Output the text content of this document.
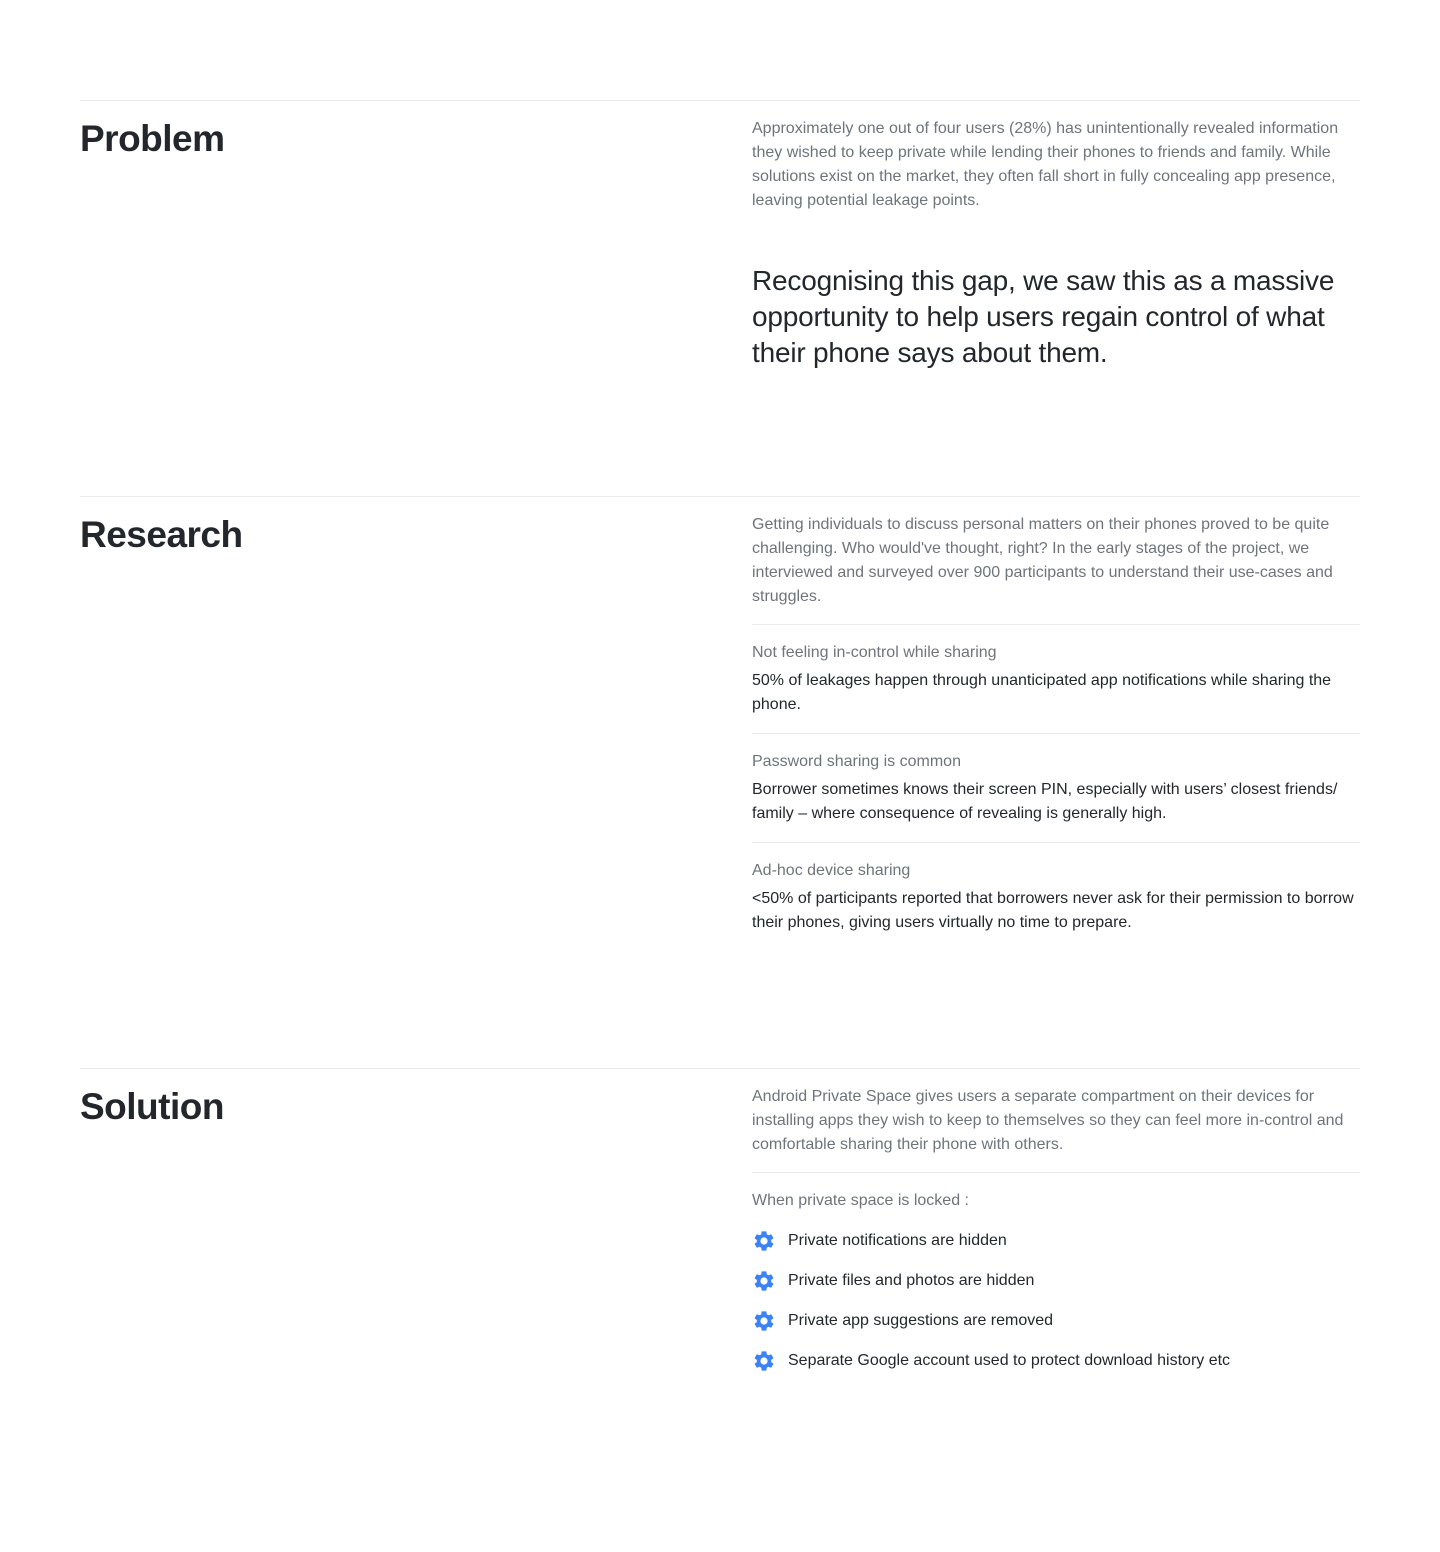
Problem	Approximately one out of four users (28%) has unintentionally revealed information they wished to keep private while lending their phones to friends and family. While solutions exist on the market, they often fall short in fully concealing app presence, leaving potential leakage points.

Recognising this gap, we saw this as a massive opportunity to help users regain control of what their phone says about them.

Research	Getting individuals to discuss personal matters on their phones proved to be quite challenging. Who would've thought, right? In the early stages of the project, we interviewed and surveyed over 900 participants to understand their use-cases and struggles.

Not feeling in-control while sharing
50% of leakages happen through unanticipated app notifications while sharing the phone.
Password sharing is common
Borrower sometimes knows their screen PIN, especially with users’ closest friends/ family – where consequence of revealing is generally high.
Ad-hoc device sharing
<50% of participants reported that borrowers never ask for their permission to borrow their phones, giving users virtually no time to prepare.
Solution	Android Private Space gives users a separate compartment on their devices for installing apps they wish to keep to themselves so they can feel more in-control and comfortable sharing their phone with others.

When private space is locked :
Private notifications are hidden
Private files and photos are hidden
Private app suggestions are removed
Separate Google account used to protect download history etc
